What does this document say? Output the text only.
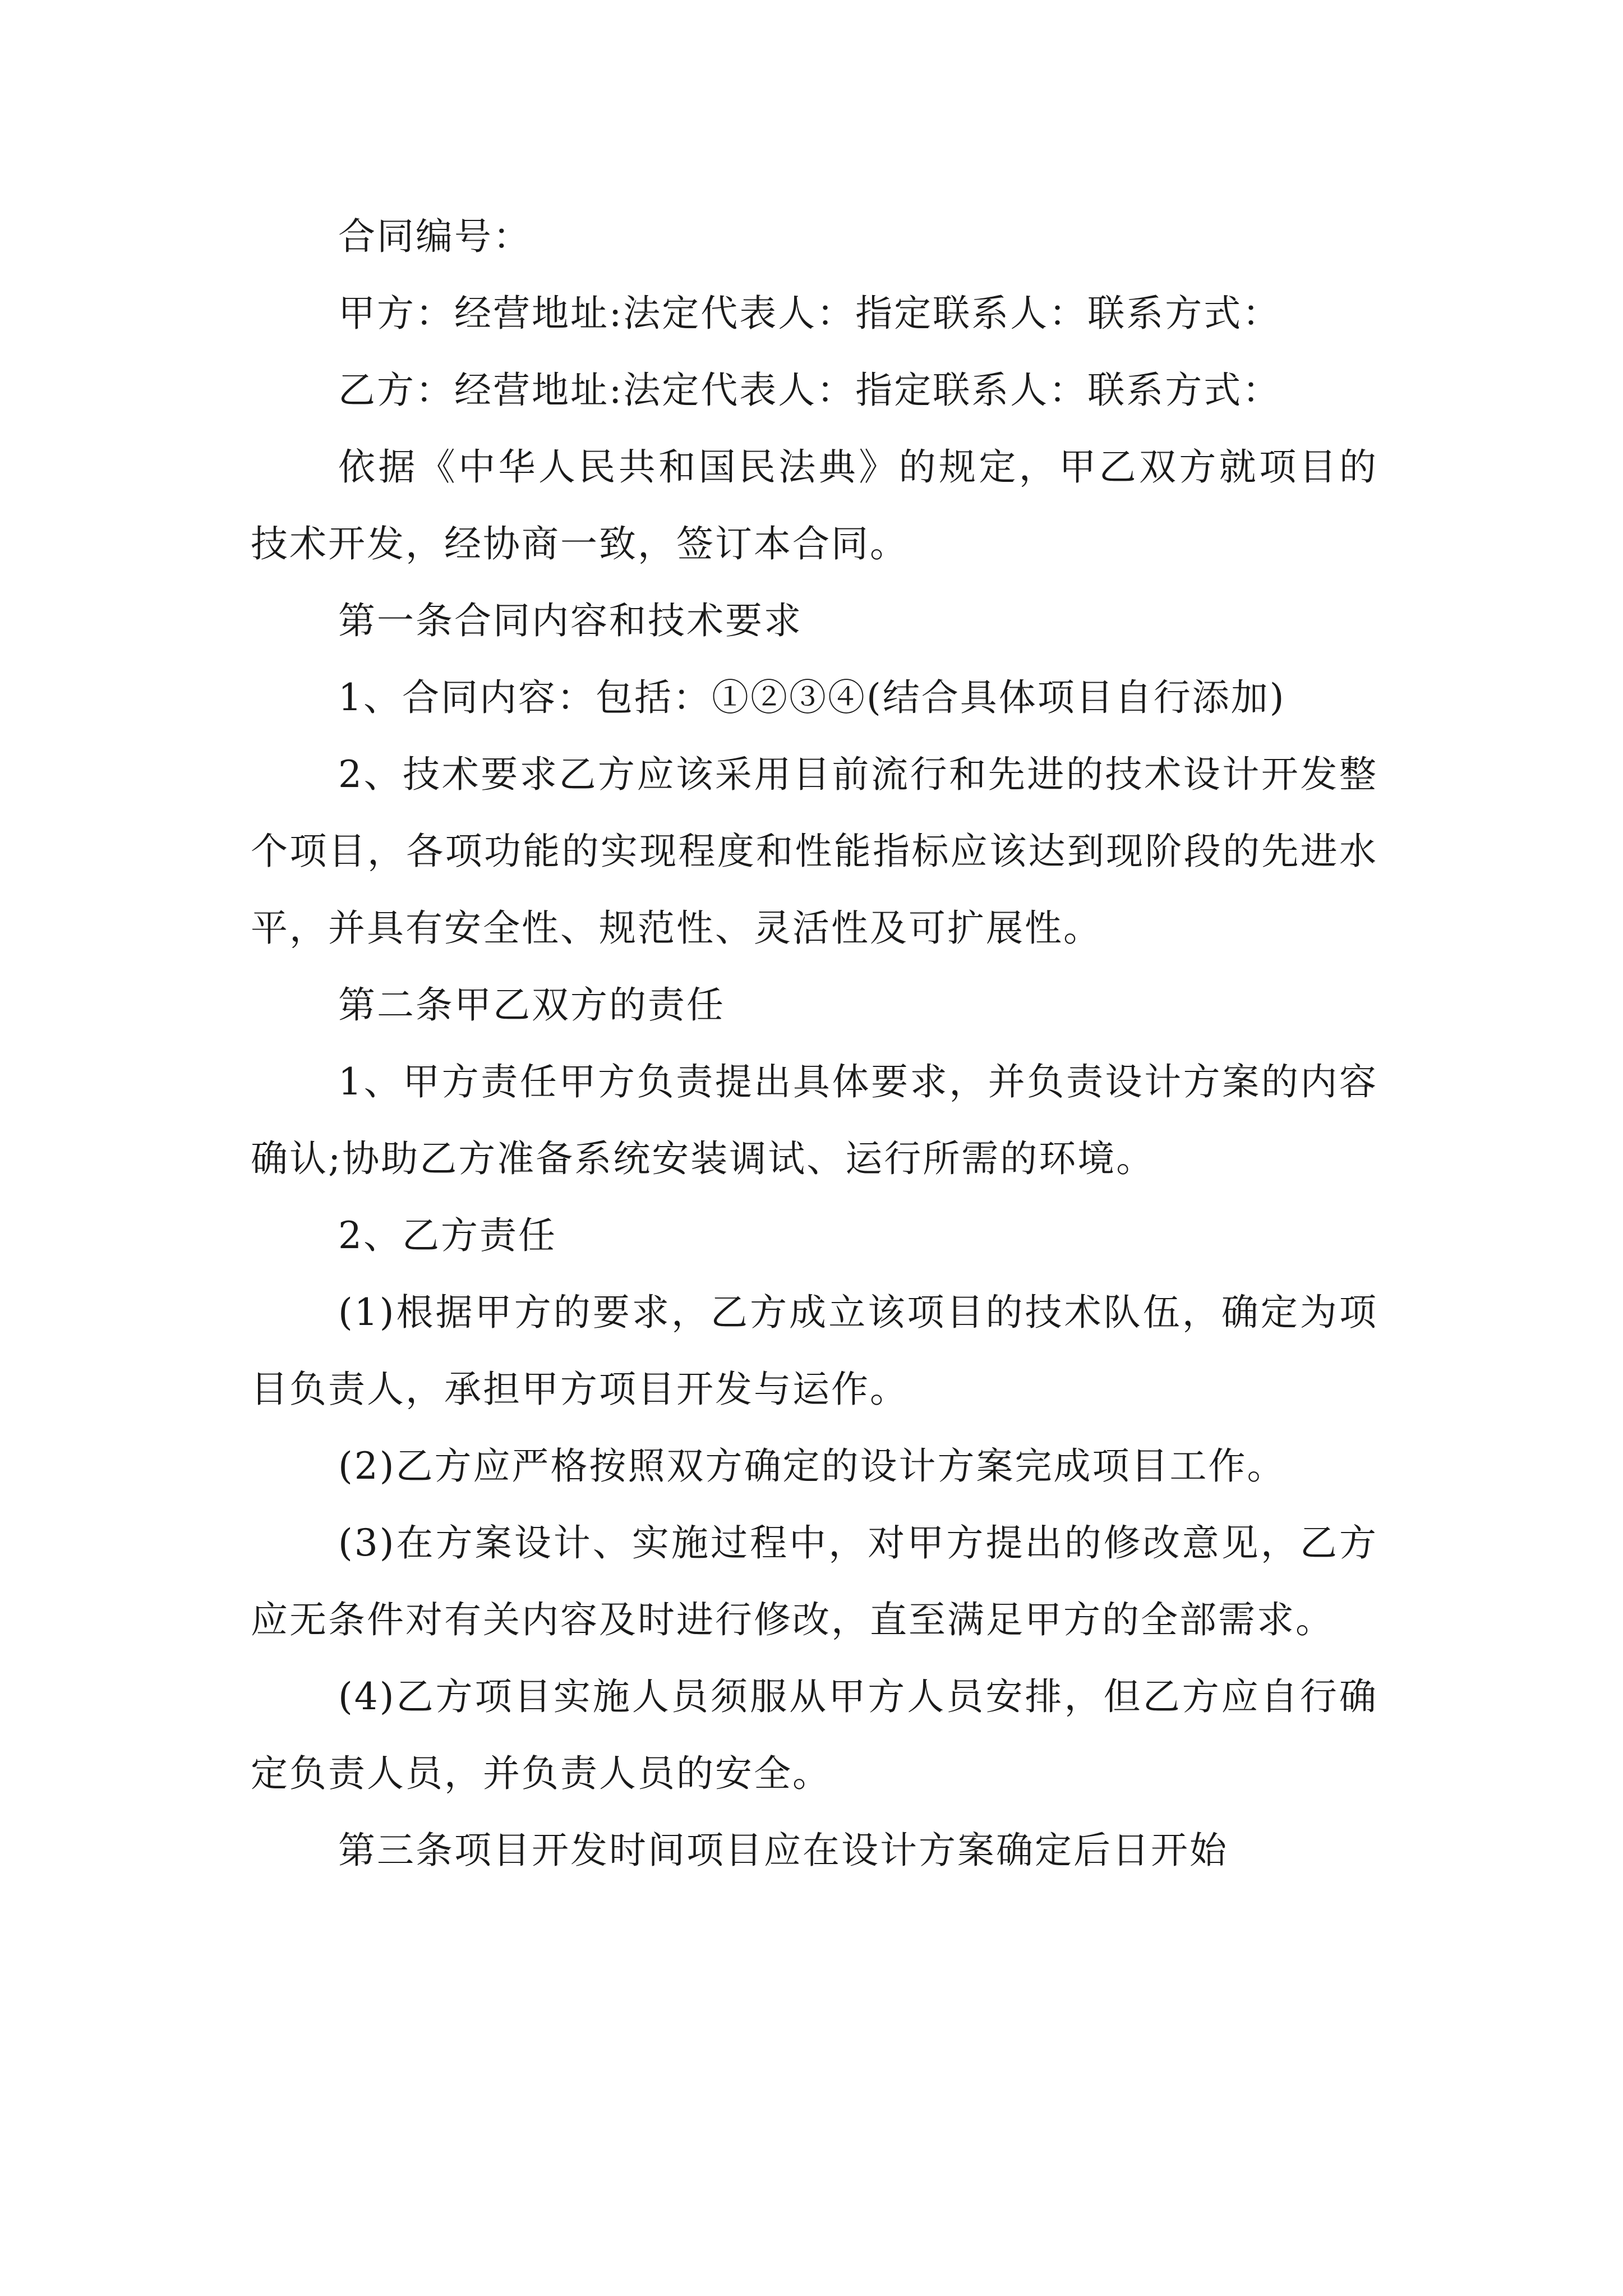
合同编号：

甲方：经营地址:法定代表人：指定联系人：联系方式：

乙方：经营地址:法定代表人：指定联系人：联系方式：

依据《中华人民共和国民法典》的规定，甲乙双方就项目的技术开发，经协商一致，签订本合同。

第一条合同内容和技术要求

1、合同内容：包括：①②③④(结合具体项目自行添加)

2、技术要求乙方应该采用目前流行和先进的技术设计开发整个项目，各项功能的实现程度和性能指标应该达到现阶段的先进水平，并具有安全性、规范性、灵活性及可扩展性。

第二条甲乙双方的责任

1、甲方责任甲方负责提出具体要求，并负责设计方案的内容确认;协助乙方准备系统安装调试、运行所需的环境。

2、乙方责任

(1)根据甲方的要求，乙方成立该项目的技术队伍，确定为项目负责人，承担甲方项目开发与运作。

(2)乙方应严格按照双方确定的设计方案完成项目工作。

(3)在方案设计、实施过程中，对甲方提出的修改意见，乙方应无条件对有关内容及时进行修改，直至满足甲方的全部需求。

(4)乙方项目实施人员须服从甲方人员安排，但乙方应自行确定负责人员，并负责人员的安全。

第三条项目开发时间项目应在设计方案确定后日开始
